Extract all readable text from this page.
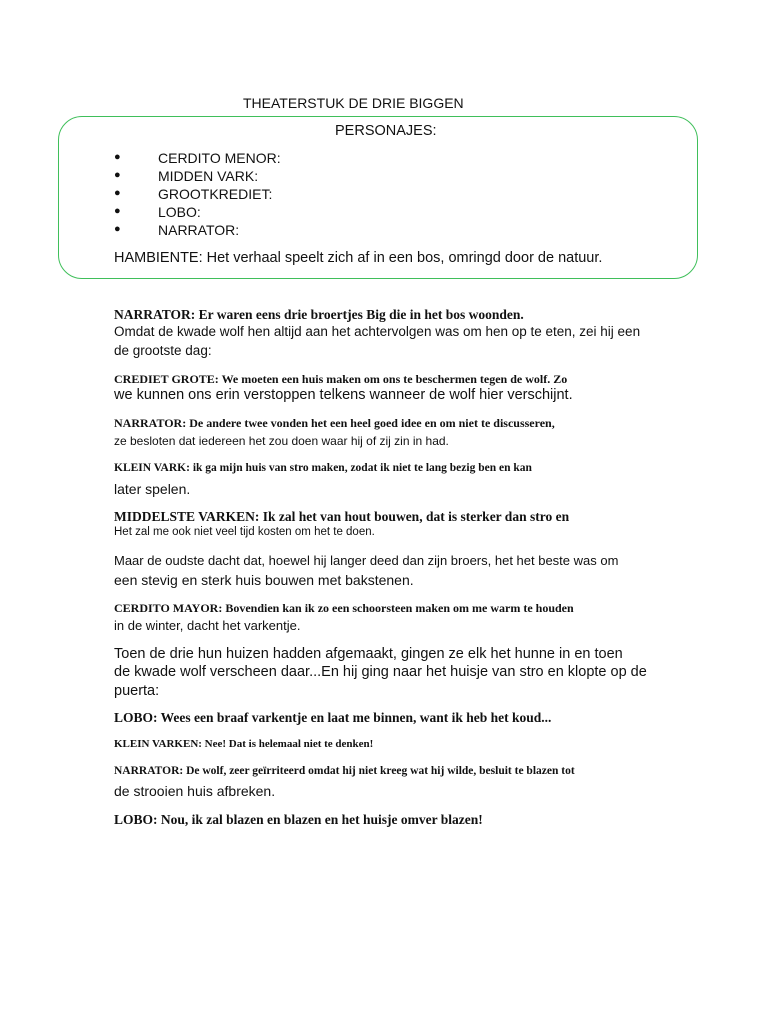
THEATERSTUK DE DRIE BIGGEN
PERSONAJES:
●	CERDITO MENOR:
●	MIDDEN VARK:
●	GROOTKREDIET:
●	LOBO:
●	NARRATOR:
HAMBIENTE: Het verhaal speelt zich af in een bos, omringd door de natuur.
NARRATOR: Er waren eens drie broertjes Big die in het bos woonden.
Omdat de kwade wolf hen altijd aan het achtervolgen was om hen op te eten, zei hij een
de grootste dag:
CREDIET GROTE: We moeten een huis maken om ons te beschermen tegen de wolf. Zo
we kunnen ons erin verstoppen telkens wanneer de wolf hier verschijnt.
NARRATOR: De andere twee vonden het een heel goed idee en om niet te discusseren,
ze besloten dat iedereen het zou doen waar hij of zij zin in had.
KLEIN VARK: ik ga mijn huis van stro maken, zodat ik niet te lang bezig ben en kan
later spelen.
MIDDELSTE VARKEN: Ik zal het van hout bouwen, dat is sterker dan stro en
Het zal me ook niet veel tijd kosten om het te doen.
Maar de oudste dacht dat, hoewel hij langer deed dan zijn broers, het het beste was om
een stevig en sterk huis bouwen met bakstenen.
CERDITO MAYOR: Bovendien kan ik zo een schoorsteen maken om me warm te houden
in de winter, dacht het varkentje.
Toen de drie hun huizen hadden afgemaakt, gingen ze elk het hunne in en toen
de kwade wolf verscheen daar...En hij ging naar het huisje van stro en klopte op de
puerta:
LOBO: Wees een braaf varkentje en laat me binnen, want ik heb het koud...
KLEIN VARKEN: Nee! Dat is helemaal niet te denken!
NARRATOR: De wolf, zeer geïrriteerd omdat hij niet kreeg wat hij wilde, besluit te blazen tot
de strooien huis afbreken.
LOBO: Nou, ik zal blazen en blazen en het huisje omver blazen!
